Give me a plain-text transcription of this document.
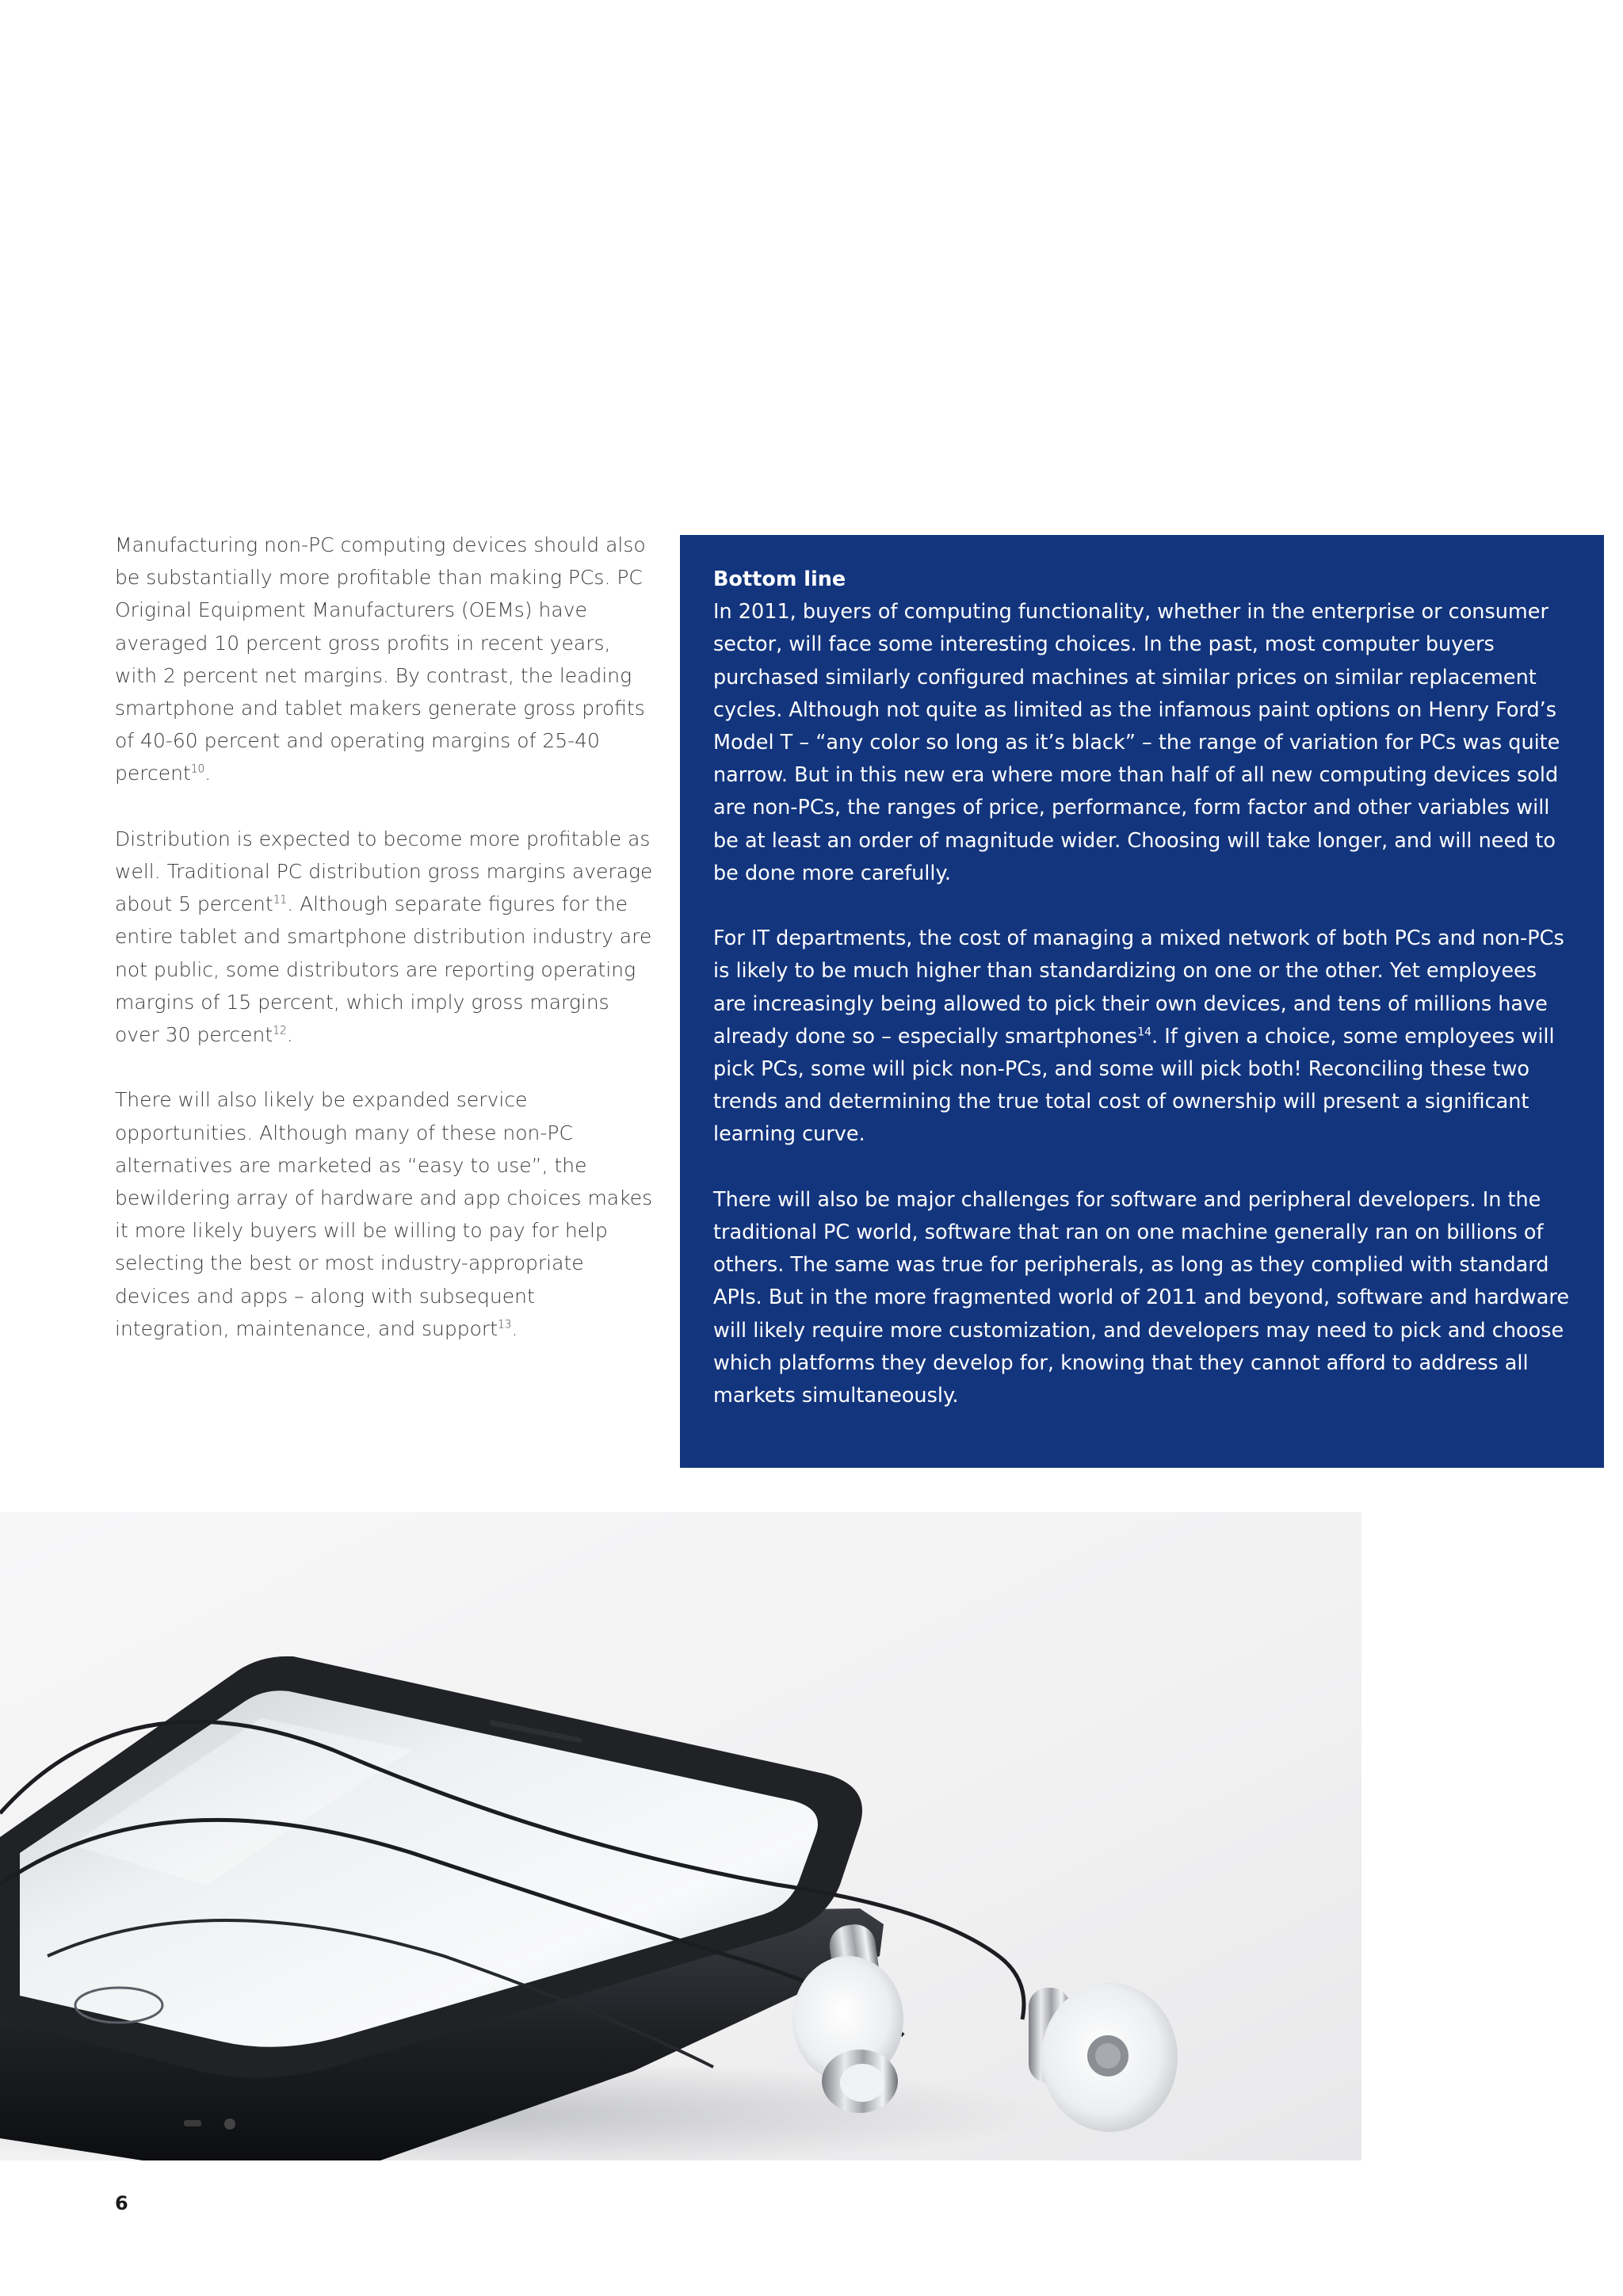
Manufacturing non-PC computing devices should also be substantially more profitable than making PCs. PC Original Equipment Manufacturers (OEMs) have averaged 10 percent gross profits in recent years, with 2 percent net margins. By contrast, the leading smartphone and tablet makers generate gross profits of 40-60 percent and operating margins of 25-40 percent$^{10}$.

Distribution is expected to become more profitable as well. Traditional PC distribution gross margins average about 5 percent$^{11}$. Although separate figures for the entire tablet and smartphone distribution industry are not public, some distributors are reporting operating margins of 15 percent, which imply gross margins over 30 percent$^{12}$.

There will also likely be expanded service opportunities. Although many of these non-PC alternatives are marketed as “easy to use”, the bewildering array of hardware and app choices makes it more likely buyers will be willing to pay for help selecting the best or most industry-appropriate devices and apps – along with subsequent integration, maintenance, and support$^{13}$.

Bottom line

In 2011, buyers of computing functionality, whether in the enterprise or consumer sector, will face some interesting choices. In the past, most computer buyers purchased similarly configured machines at similar prices on similar replacement cycles. Although not quite as limited as the infamous paint options on Henry Ford’s Model T – “any color so long as it’s black” – the range of variation for PCs was quite narrow. But in this new era where more than half of all new computing devices sold are non-PCs, the ranges of price, performance, form factor and other variables will be at least an order of magnitude wider. Choosing will take longer, and will need to be done more carefully.

For IT departments, the cost of managing a mixed network of both PCs and non-PCs is likely to be much higher than standardizing on one or the other. Yet employees are increasingly being allowed to pick their own devices, and tens of millions have already done so – especially smartphones$^{14}$. If given a choice, some employees will pick PCs, some will pick non-PCs, and some will pick both! Reconciling these two trends and determining the true total cost of ownership will present a significant learning curve.

There will also be major challenges for software and peripheral developers. In the traditional PC world, software that ran on one machine generally ran on billions of others. The same was true for peripherals, as long as they complied with standard APIs. But in the more fragmented world of 2011 and beyond, software and hardware will likely require more customization, and developers may need to pick and choose which platforms they develop for, knowing that they cannot afford to address all markets simultaneously.

6
